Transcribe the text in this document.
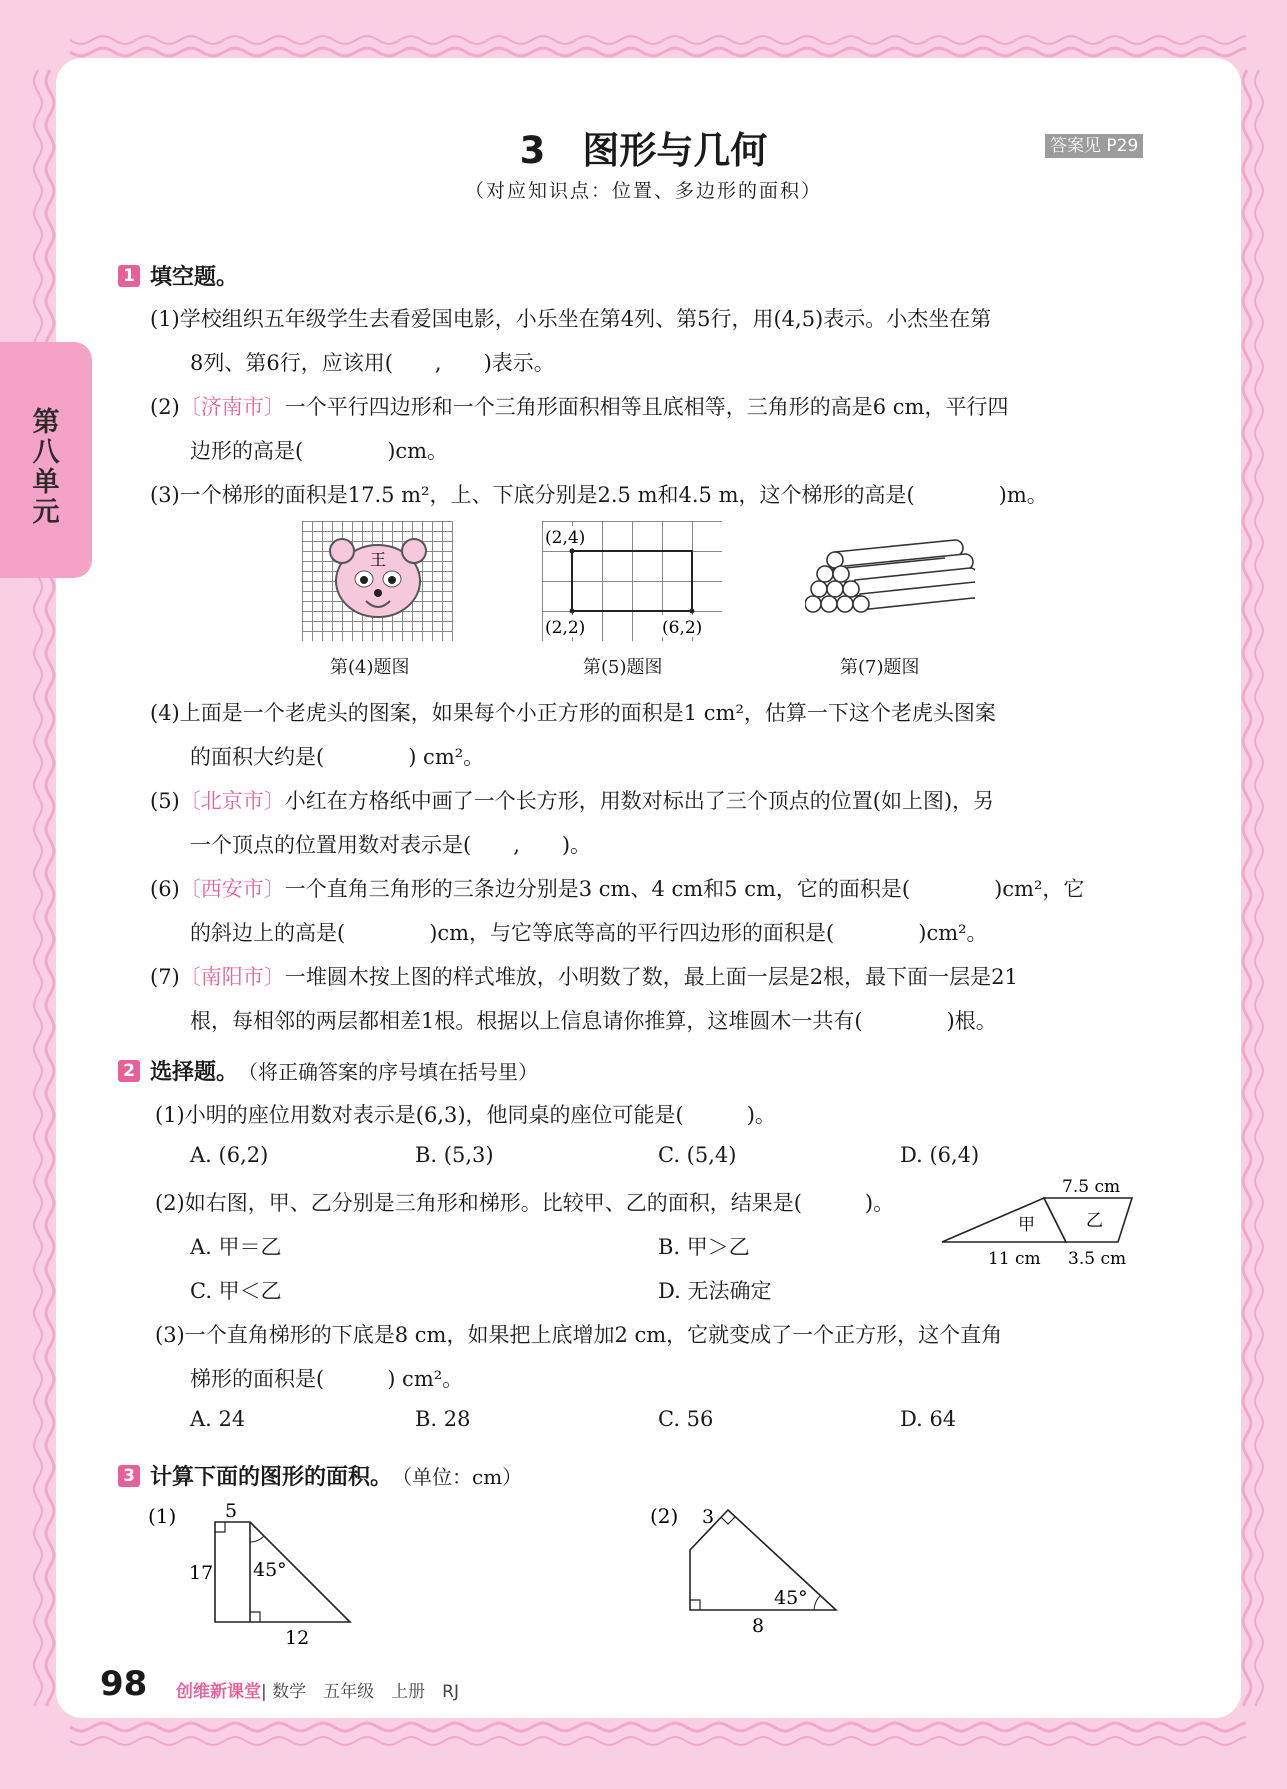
第
八
单
元
3　图形与几何	答案见 P29
（对应知识点：位置、多边形的面积）
1 填空题。
(1)学校组织五年级学生去看爱国电影，小乐坐在第4列、第5行，用(4,5)表示。小杰坐在第
8列、第6行，应该用(　　,　　)表示。
(2)〔济南市〕一个平行四边形和一个三角形面积相等且底相等，三角形的高是6 cm，平行四
边形的高是(　　　　)cm。
(3)一个梯形的面积是17.5 m²，上、下底分别是2.5 m和4.5 m，这个梯形的高是(　　　　)m。
王
第(4)题图
(2,4)
(2,2)	(6,2)
第(5)题图	第(7)题图
(4)上面是一个老虎头的图案，如果每个小正方形的面积是1 cm²，估算一下这个老虎头图案
的面积大约是(　　　　) cm²。
(5)〔北京市〕小红在方格纸中画了一个长方形，用数对标出了三个顶点的位置(如上图)，另
一个顶点的位置用数对表示是(　　,　　)。
(6)〔西安市〕一个直角三角形的三条边分别是3 cm、4 cm和5 cm，它的面积是(　　　　)cm²，它
的斜边上的高是(　　　　)cm，与它等底等高的平行四边形的面积是(　　　　)cm²。
(7)〔南阳市〕一堆圆木按上图的样式堆放，小明数了数，最上面一层是2根，最下面一层是21
根，每相邻的两层都相差1根。根据以上信息请你推算，这堆圆木一共有(　　　　)根。
2 选择题。 （将正确答案的序号填在括号里）
(1)小明的座位用数对表示是(6,3)，他同桌的座位可能是(　　　)。
A. (6,2)	B. (5,3)	C. (5,4)	D. (6,4)
(2)如右图，甲、乙分别是三角形和梯形。比较甲、乙的面积，结果是(　　　)。
A. 甲＝乙	B. 甲＞乙
C. 甲＜乙	D. 无法确定
7.5 cm
甲	乙
11 cm 3.5 cm
(3)一个直角梯形的下底是8 cm，如果把上底增加2 cm，它就变成了一个正方形，这个直角
梯形的面积是(　　　) cm²。
A. 24	B. 28	C. 56	D. 64
3 计算下面的图形的面积。 （单位：cm）
(1)	5
17 45°
12
(2) 3
45°
8
98 创维新课堂| 数学　五年级　上册　RJ
